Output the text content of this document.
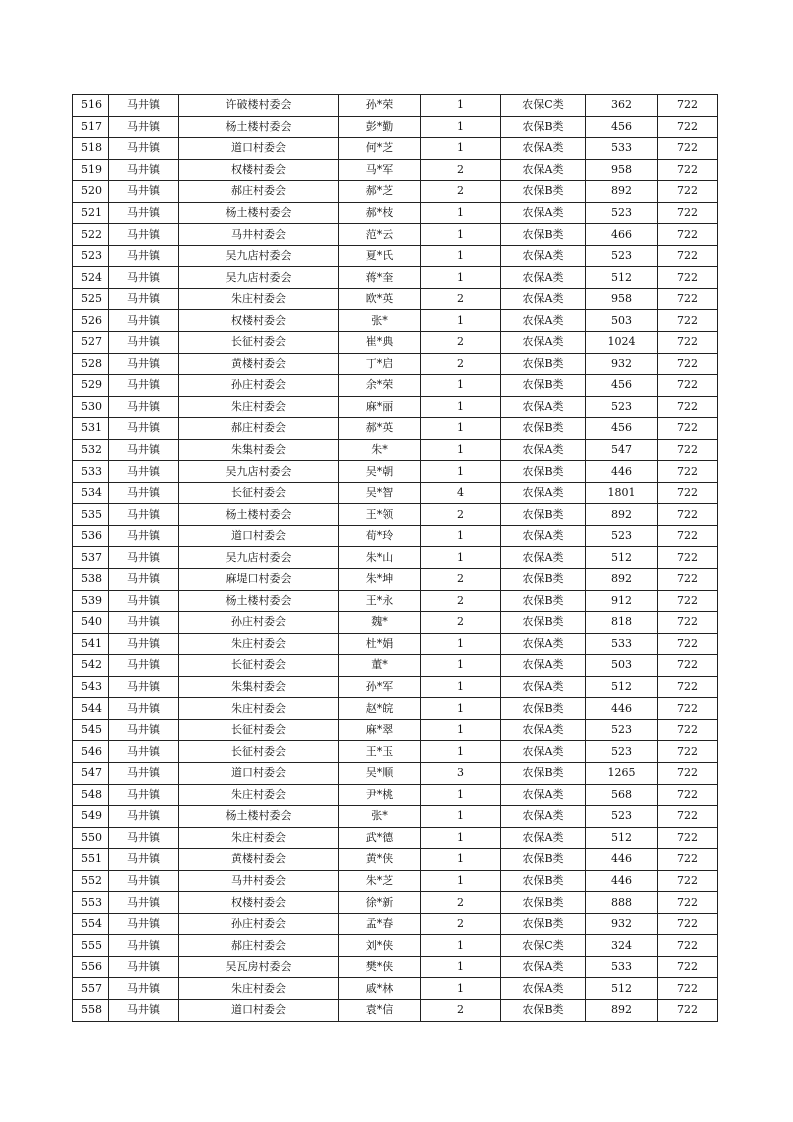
516	马井镇	许破楼村委会	孙*荣	1	农保C类	362	722
517	马井镇	杨土楼村委会	彭*勤	1	农保B类	456	722
518	马井镇	道口村委会	何*芝	1	农保A类	533	722
519	马井镇	权楼村委会	马*军	2	农保A类	958	722
520	马井镇	郝庄村委会	郝*芝	2	农保B类	892	722
521	马井镇	杨土楼村委会	郝*枝	1	农保A类	523	722
522	马井镇	马井村委会	范*云	1	农保B类	466	722
523	马井镇	吴九店村委会	夏*氏	1	农保A类	523	722
524	马井镇	吴九店村委会	蒋*奎	1	农保A类	512	722
525	马井镇	朱庄村委会	欧*英	2	农保A类	958	722
526	马井镇	权楼村委会	张*	1	农保A类	503	722
527	马井镇	长征村委会	崔*典	2	农保A类	1024	722
528	马井镇	黄楼村委会	丁*启	2	农保B类	932	722
529	马井镇	孙庄村委会	余*荣	1	农保B类	456	722
530	马井镇	朱庄村委会	麻*丽	1	农保A类	523	722
531	马井镇	郝庄村委会	郝*英	1	农保B类	456	722
532	马井镇	朱集村委会	朱*	1	农保A类	547	722
533	马井镇	吴九店村委会	吴*朝	1	农保B类	446	722
534	马井镇	长征村委会	吴*智	4	农保A类	1801	722
535	马井镇	杨土楼村委会	王*领	2	农保B类	892	722
536	马井镇	道口村委会	荀*玲	1	农保A类	523	722
537	马井镇	吴九店村委会	朱*山	1	农保A类	512	722
538	马井镇	麻堤口村委会	朱*坤	2	农保B类	892	722
539	马井镇	杨土楼村委会	王*永	2	农保B类	912	722
540	马井镇	孙庄村委会	魏*	2	农保B类	818	722
541	马井镇	朱庄村委会	杜*娟	1	农保A类	533	722
542	马井镇	长征村委会	董*	1	农保A类	503	722
543	马井镇	朱集村委会	孙*军	1	农保A类	512	722
544	马井镇	朱庄村委会	赵*皖	1	农保B类	446	722
545	马井镇	长征村委会	麻*翠	1	农保A类	523	722
546	马井镇	长征村委会	王*玉	1	农保A类	523	722
547	马井镇	道口村委会	吴*顺	3	农保B类	1265	722
548	马井镇	朱庄村委会	尹*桃	1	农保A类	568	722
549	马井镇	杨土楼村委会	张*	1	农保A类	523	722
550	马井镇	朱庄村委会	武*德	1	农保A类	512	722
551	马井镇	黄楼村委会	黄*侠	1	农保B类	446	722
552	马井镇	马井村委会	朱*芝	1	农保B类	446	722
553	马井镇	权楼村委会	徐*新	2	农保B类	888	722
554	马井镇	孙庄村委会	孟*春	2	农保B类	932	722
555	马井镇	郝庄村委会	刘*侠	1	农保C类	324	722
556	马井镇	吴瓦房村委会	樊*侠	1	农保A类	533	722
557	马井镇	朱庄村委会	戚*林	1	农保A类	512	722
558	马井镇	道口村委会	袁*信	2	农保B类	892	722
